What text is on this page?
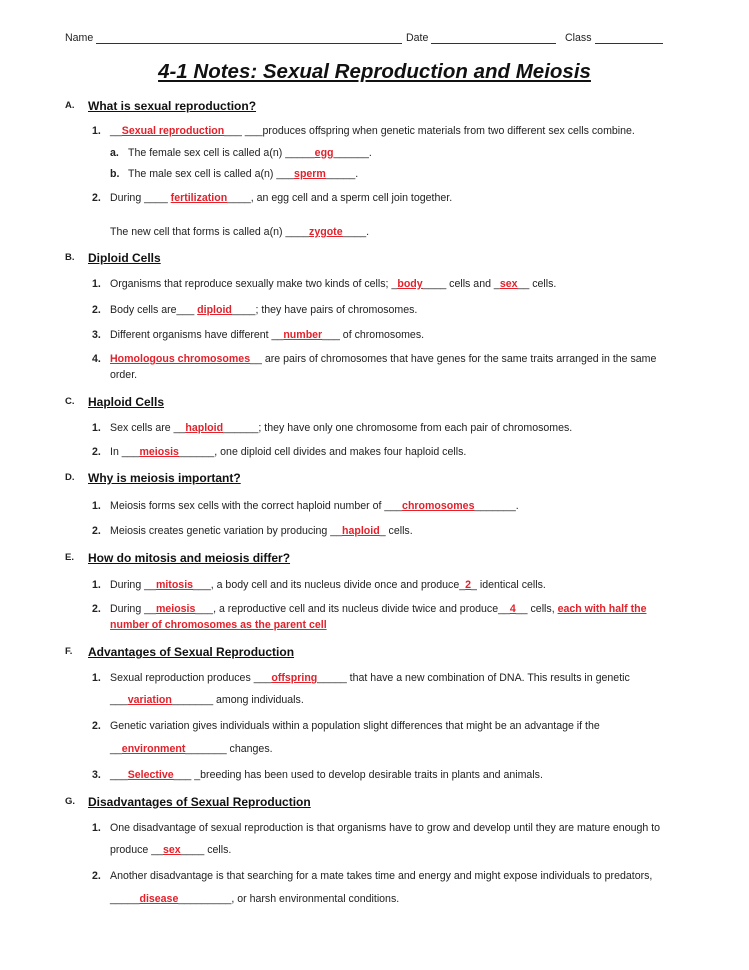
Name	Date	Class
4-1 Notes: Sexual Reproduction and Meiosis
A. What is sexual reproduction?
1. __Sexual reproduction___ ___produces offspring when genetic materials from two different sex cells combine.
a. The female sex cell is called a(n) _____egg______.
b. The male sex cell is called a(n) ___sperm_____.
2. During ____ fertilization____, an egg cell and a sperm cell join together.
The new cell that forms is called a(n) ____zygote____.
B. Diploid Cells
1. Organisms that reproduce sexually make two kinds of cells; _body____ cells and _sex__ cells.
2. Body cells are___ diploid____; they have pairs of chromosomes.
3. Different organisms have different __number___ of chromosomes.
4. Homologous chromosomes__ are pairs of chromosomes that have genes for the same traits arranged in the same
order.
C. Haploid Cells
1. Sex cells are __haploid______; they have only one chromosome from each pair of chromosomes.
2. In ___meiosis______, one diploid cell divides and makes four haploid cells.
D. Why is meiosis important?
1. Meiosis forms sex cells with the correct haploid number of ___chromosomes_______.
2. Meiosis creates genetic variation by producing __haploid_ cells.
E. How do mitosis and meiosis differ?
1. During __mitosis___, a body cell and its nucleus divide once and produce_2_ identical cells.
2. During __meiosis___, a reproductive cell and its nucleus divide twice and produce__4__ cells, each with half the
number of chromosomes as the parent cell
F. Advantages of Sexual Reproduction
1. Sexual reproduction produces ___offspring_____ that have a new combination of DNA. This results in genetic
___variation_______ among individuals.
2. Genetic variation gives individuals within a population slight differences that might be an advantage if the
__environment_______ changes.
3. ___Selective___ _breeding has been used to develop desirable traits in plants and animals.
G. Disadvantages of Sexual Reproduction
1. One disadvantage of sexual reproduction is that organisms have to grow and develop until they are mature enough to
produce __sex____ cells.
2. Another disadvantage is that searching for a mate takes time and energy and might expose individuals to predators,
_____disease_________, or harsh environmental conditions.
